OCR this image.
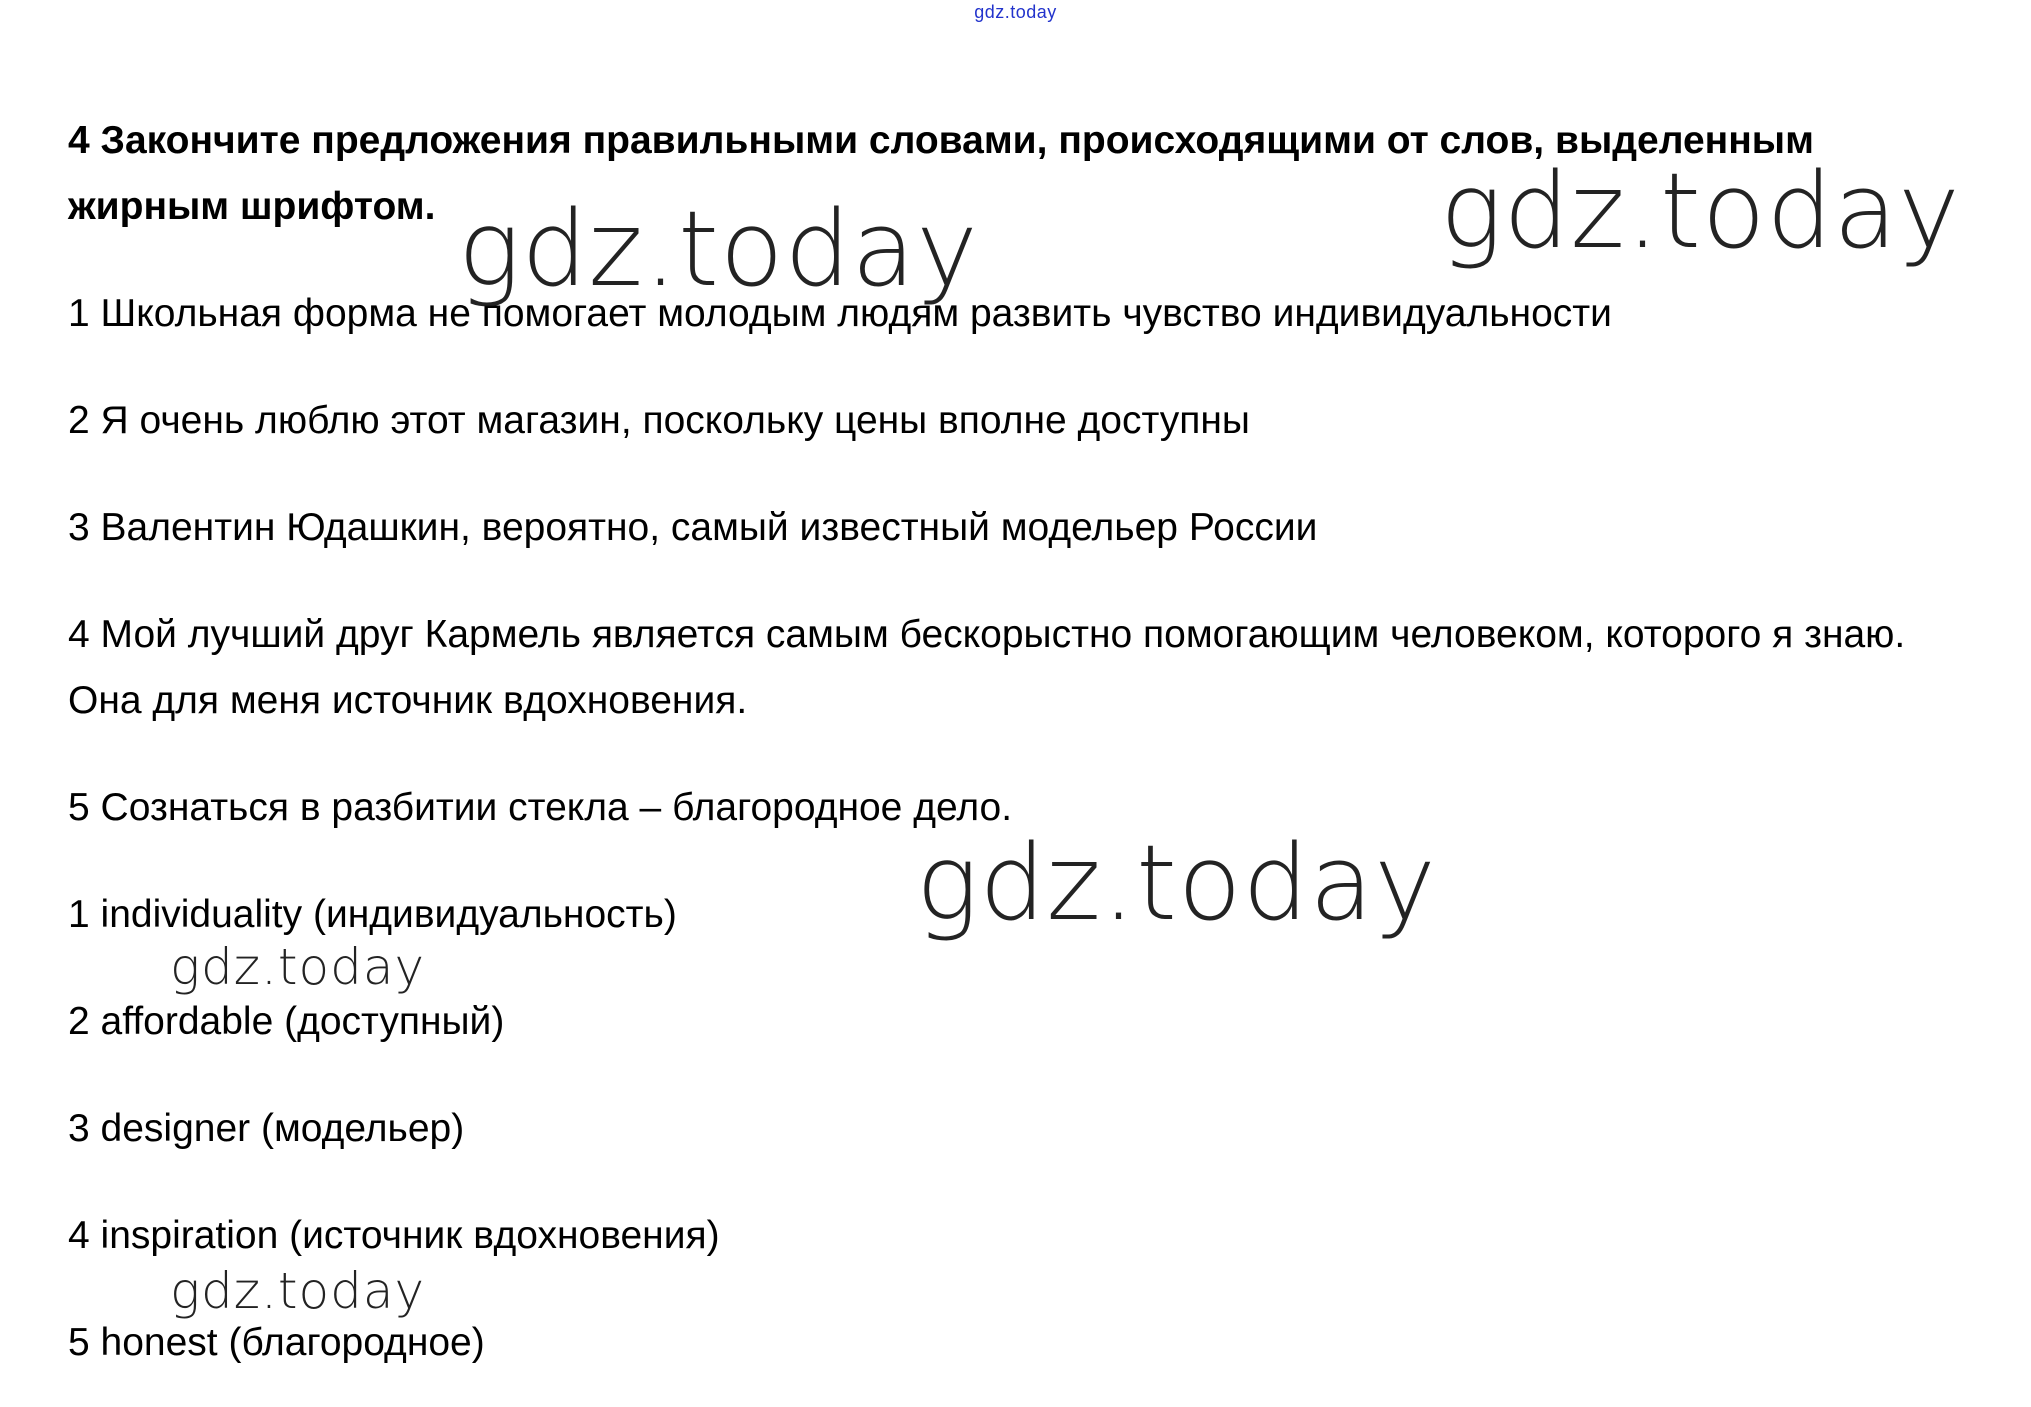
gdz.today

4 Закончите предложения правильными словами, происходящими от слов, выделенным жирным шрифтом.

1 Школьная форма не помогает молодым людям развить чувство индивидуальности

2 Я очень люблю этот магазин, поскольку цены вполне доступны

3 Валентин Юдашкин, вероятно, самый известный модельер России

4 Мой лучший друг Кармель является самым бескорыстно помогающим человеком, которого я знаю. Она для меня источник вдохновения.

5 Сознаться в разбитии стекла – благородное дело.

1 individuality (индивидуальность)

2 affordable (доступный)

3 designer (модельер)

4 inspiration (источник вдохновения)

5 honest (благородное)

gdz.today	gdz.today
gdz.today
gdz.today
gdz.today
